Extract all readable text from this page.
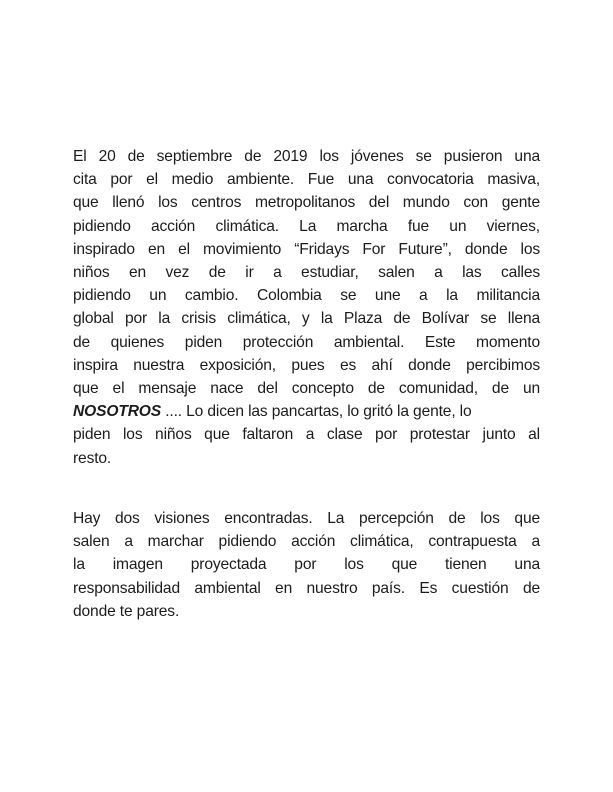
El 20 de septiembre de 2019 los jóvenes se pusieron una
cita por el medio ambiente. Fue una convocatoria masiva,
que llenó los centros metropolitanos del mundo con gente
pidiendo acción climática. La marcha fue un viernes,
inspirado en el movimiento “Fridays For Future”, donde los
niños en vez de ir a estudiar, salen a las calles
pidiendo un cambio. Colombia se une a la militancia
global por la crisis climática, y la Plaza de Bolívar se llena
de quienes piden protección ambiental. Este momento
inspira nuestra exposición, pues es ahí donde percibimos
que el mensaje nace del concepto de comunidad, de un
NOSOTROS .... Lo dicen las pancartas, lo gritó la gente, lo
piden los niños que faltaron a clase por protestar junto al
resto.

Hay dos visiones encontradas. La percepción de los que
salen a marchar pidiendo acción climática, contrapuesta a
la imagen proyectada por los que tienen una
responsabilidad ambiental en nuestro país. Es cuestión de
donde te pares.
